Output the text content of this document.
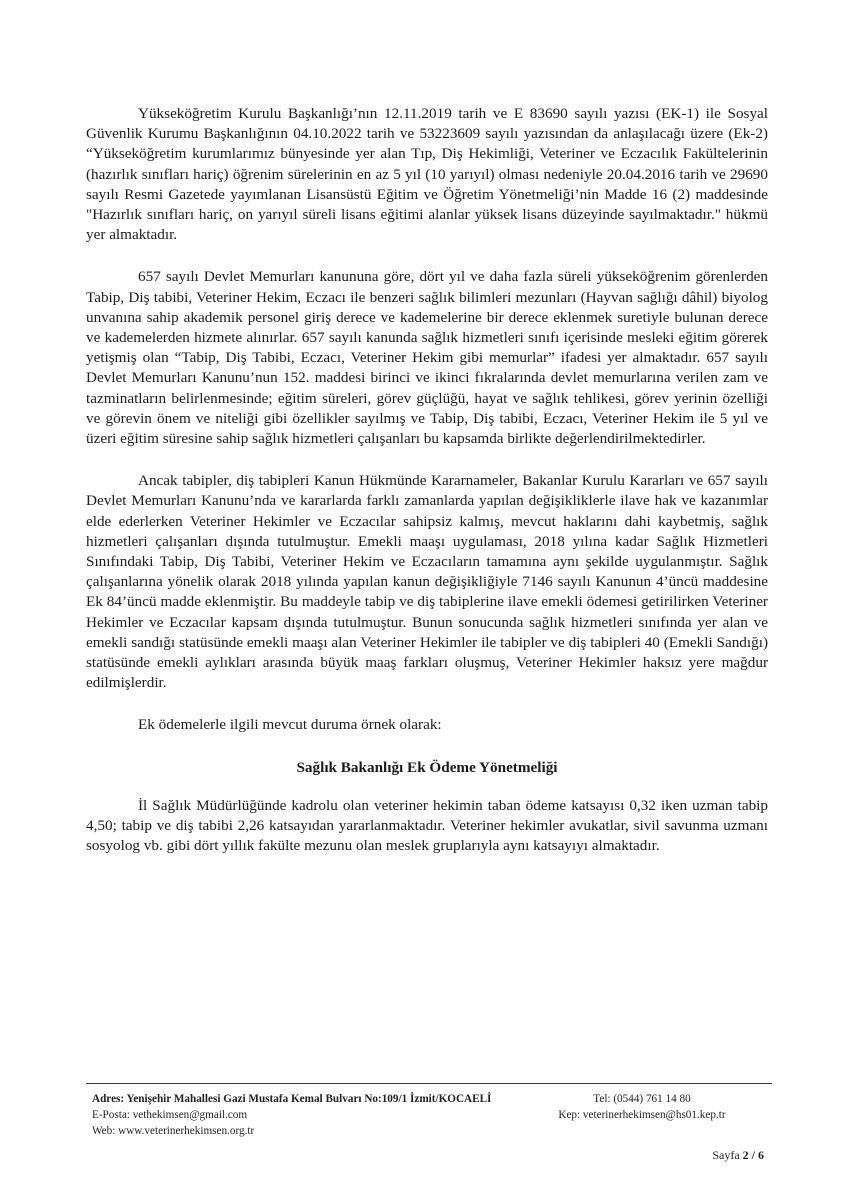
Yükseköğretim Kurulu Başkanlığı’nın 12.11.2019 tarih ve E 83690 sayılı yazısı (EK-1) ile Sosyal Güvenlik Kurumu Başkanlığının 04.10.2022 tarih ve 53223609 sayılı yazısından da anlaşılacağı üzere (Ek-2) “Yükseköğretim kurumlarımız bünyesinde yer alan Tıp, Diş Hekimliği, Veteriner ve Eczacılık Fakültelerinin (hazırlık sınıfları hariç) öğrenim sürelerinin en az 5 yıl (10 yarıyıl) olması nedeniyle 20.04.2016 tarih ve 29690 sayılı Resmi Gazetede yayımlanan Lisansüstü Eğitim ve Öğretim Yönetmeliği’nin Madde 16 (2) maddesinde "Hazırlık sınıfları hariç, on yarıyıl süreli lisans eğitimi alanlar yüksek lisans düzeyinde sayılmaktadır." hükmü yer almaktadır.

657 sayılı Devlet Memurları kanununa göre, dört yıl ve daha fazla süreli yükseköğrenim görenlerden Tabip, Diş tabibi, Veteriner Hekim, Eczacı ile benzeri sağlık bilimleri mezunları (Hayvan sağlığı dâhil) biyolog unvanına sahip akademik personel giriş derece ve kademelerine bir derece eklenmek suretiyle bulunan derece ve kademelerden hizmete alınırlar. 657 sayılı kanunda sağlık hizmetleri sınıfı içerisinde mesleki eğitim görerek yetişmiş olan “Tabip, Diş Tabibi, Eczacı, Veteriner Hekim gibi memurlar” ifadesi yer almaktadır. 657 sayılı Devlet Memurları Kanunu’nun 152. maddesi birinci ve ikinci fıkralarında devlet memurlarına verilen zam ve tazminatların belirlenmesinde; eğitim süreleri, görev güçlüğü, hayat ve sağlık tehlikesi, görev yerinin özelliği ve görevin önem ve niteliği gibi özellikler sayılmış ve Tabip, Diş tabibi, Eczacı, Veteriner Hekim ile 5 yıl ve üzeri eğitim süresine sahip sağlık hizmetleri çalışanları bu kapsamda birlikte değerlendirilmektedirler.

Ancak tabipler, diş tabipleri Kanun Hükmünde Kararnameler, Bakanlar Kurulu Kararları ve 657 sayılı Devlet Memurları Kanunu’nda ve kararlarda farklı zamanlarda yapılan değişikliklerle ilave hak ve kazanımlar elde ederlerken Veteriner Hekimler ve Eczacılar sahipsiz kalmış, mevcut haklarını dahi kaybetmiş, sağlık hizmetleri çalışanları dışında tutulmuştur. Emekli maaşı uygulaması, 2018 yılına kadar Sağlık Hizmetleri Sınıfındaki Tabip, Diş Tabibi, Veteriner Hekim ve Eczacıların tamamına aynı şekilde uygulanmıştır. Sağlık çalışanlarına yönelik olarak 2018 yılında yapılan kanun değişikliğiyle 7146 sayılı Kanunun 4’üncü maddesine Ek 84’üncü madde eklenmiştir. Bu maddeyle tabip ve diş tabiplerine ilave emekli ödemesi getirilirken Veteriner Hekimler ve Eczacılar kapsam dışında tutulmuştur. Bunun sonucunda sağlık hizmetleri sınıfında yer alan ve emekli sandığı statüsünde emekli maaşı alan Veteriner Hekimler ile tabipler ve diş tabipleri 40 (Emekli Sandığı) statüsünde emekli aylıkları arasında büyük maaş farkları oluşmuş, Veteriner Hekimler haksız yere mağdur edilmişlerdir.

Ek ödemelerle ilgili mevcut duruma örnek olarak:

Sağlık Bakanlığı Ek Ödeme Yönetmeliği

İl Sağlık Müdürlüğünde kadrolu olan veteriner hekimin taban ödeme katsayısı 0,32 iken uzman tabip 4,50; tabip ve diş tabibi 2,26 katsayıdan yararlanmaktadır. Veteriner hekimler avukatlar, sivil savunma uzmanı sosyolog vb. gibi dört yıllık fakülte mezunu olan meslek gruplarıyla aynı katsayıyı almaktadır.

Adres: Yenişehir Mahallesi Gazi Mustafa Kemal Bulvarı No:109/1 İzmit/KOCAELİ
E-Posta: vethekimsen@gmail.com
Web: www.veterinerhekimsen.org.tr
Tel: (0544) 761 14 80
Kep: veterinerhekimsen@hs01.kep.tr
Sayfa 2 / 6
